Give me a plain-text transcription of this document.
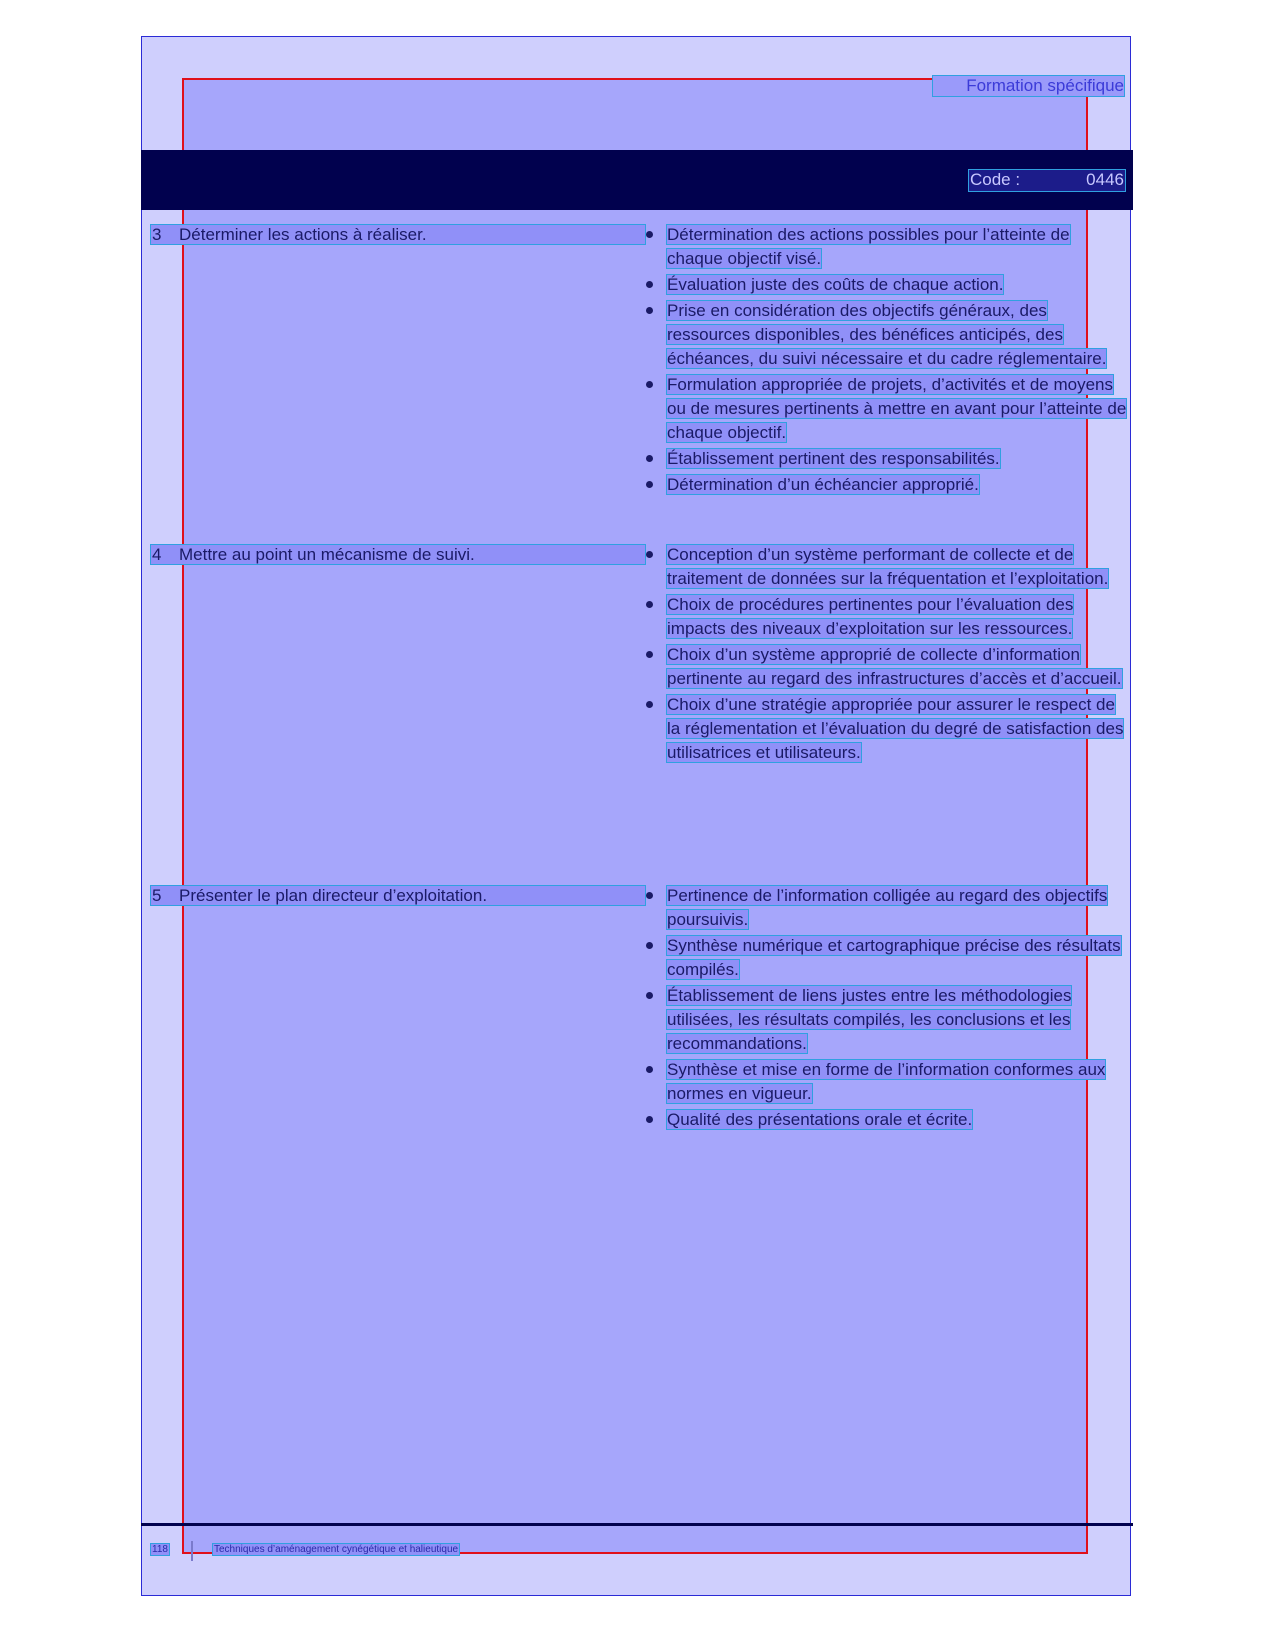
Formation spécifique
Code :	0446
3 Déterminer les actions à réaliser.	Détermination des actions possibles pour l’atteinte de chaque objectif visé.
Évaluation juste des coûts de chaque action.
Prise en considération des objectifs généraux, des ressources disponibles, des bénéfices anticipés, des échéances, du suivi nécessaire et du cadre réglementaire.
Formulation appropriée de projets, d’activités et de moyens ou de mesures pertinents à mettre en avant pour l’atteinte de chaque objectif.
Établissement pertinent des responsabilités.
Détermination d’un échéancier approprié.
4 Mettre au point un mécanisme de suivi.	Conception d’un système performant de collecte et de traitement de données sur la fréquentation et l’exploitation.
Choix de procédures pertinentes pour l’évaluation des impacts des niveaux d’exploitation sur les ressources.
Choix d’un système approprié de collecte d’information pertinente au regard des infrastructures d’accès et d’accueil.
Choix d’une stratégie appropriée pour assurer le respect de la réglementation et l’évaluation du degré de satisfaction des utilisatrices et utilisateurs.
5 Présenter le plan directeur d’exploitation.	Pertinence de l’information colligée au regard des objectifs poursuivis.
Synthèse numérique et cartographique précise des résultats compilés.
Établissement de liens justes entre les méthodologies utilisées, les résultats compilés, les conclusions et les recommandations.
Synthèse et mise en forme de l’information conformes aux normes en vigueur.
Qualité des présentations orale et écrite.
118	Techniques d’aménagement cynégétique et halieutique
